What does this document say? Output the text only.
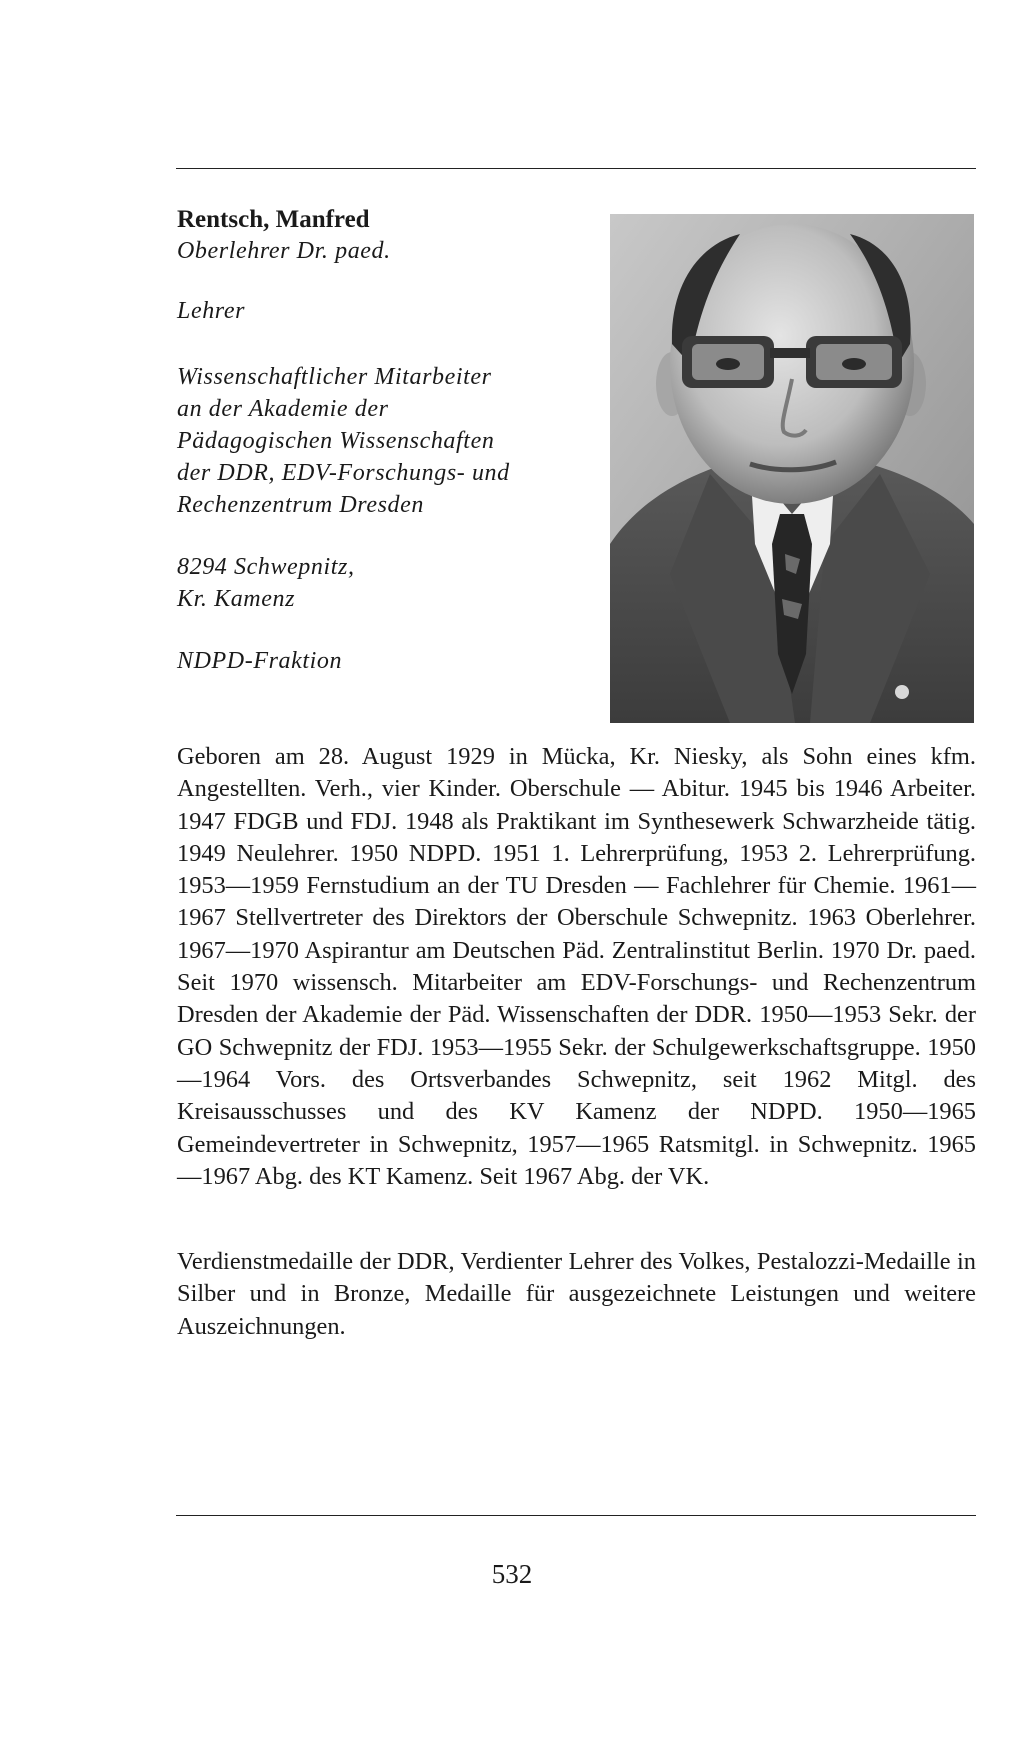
Rentsch, Manfred

Oberlehrer Dr. paed.

Lehrer

Wissenschaftlicher Mitarbeiter
an der Akademie der
Pädagogischen Wissenschaften
der DDR, EDV-Forschungs- und
Rechenzentrum Dresden
8294 Schwepnitz,
Kr. Kamenz

NDPD-Fraktion

Geboren am 28. August 1929 in Mücka, Kr. Niesky, als Sohn eines kfm. Angestellten. Verh., vier Kinder. Oberschule — Abitur. 1945 bis 1946 Arbeiter. 1947 FDGB und FDJ. 1948 als Praktikant im Synthesewerk Schwarzheide tätig. 1949 Neulehrer. 1950 NDPD. 1951 1. Lehrerprüfung, 1953 2. Lehrerprüfung. 1953—1959 Fernstudium an der TU Dresden — Fachlehrer für Chemie. 1961—1967 Stellvertreter des Direktors der Oberschule Schwepnitz. 1963 Oberlehrer. 1967—1970 Aspirantur am Deutschen Päd. Zentralinstitut Berlin. 1970 Dr. paed. Seit 1970 wissensch. Mitarbeiter am EDV-Forschungs- und Rechenzentrum Dresden der Akademie der Päd. Wissenschaften der DDR. 1950—1953 Sekr. der GO Schwepnitz der FDJ. 1953—1955 Sekr. der Schulgewerkschaftsgruppe. 1950—1964 Vors. des Ortsverbandes Schwepnitz, seit 1962 Mitgl. des Kreisausschusses und des KV Kamenz der NDPD. 1950—1965 Gemeindevertreter in Schwepnitz, 1957—1965 Ratsmitgl. in Schwepnitz. 1965—1967 Abg. des KT Kamenz. Seit 1967 Abg. der VK.

Verdienstmedaille der DDR, Verdienter Lehrer des Volkes, Pestalozzi-Medaille in Silber und in Bronze, Medaille für ausgezeichnete Leistungen und weitere Auszeichnungen.

532
